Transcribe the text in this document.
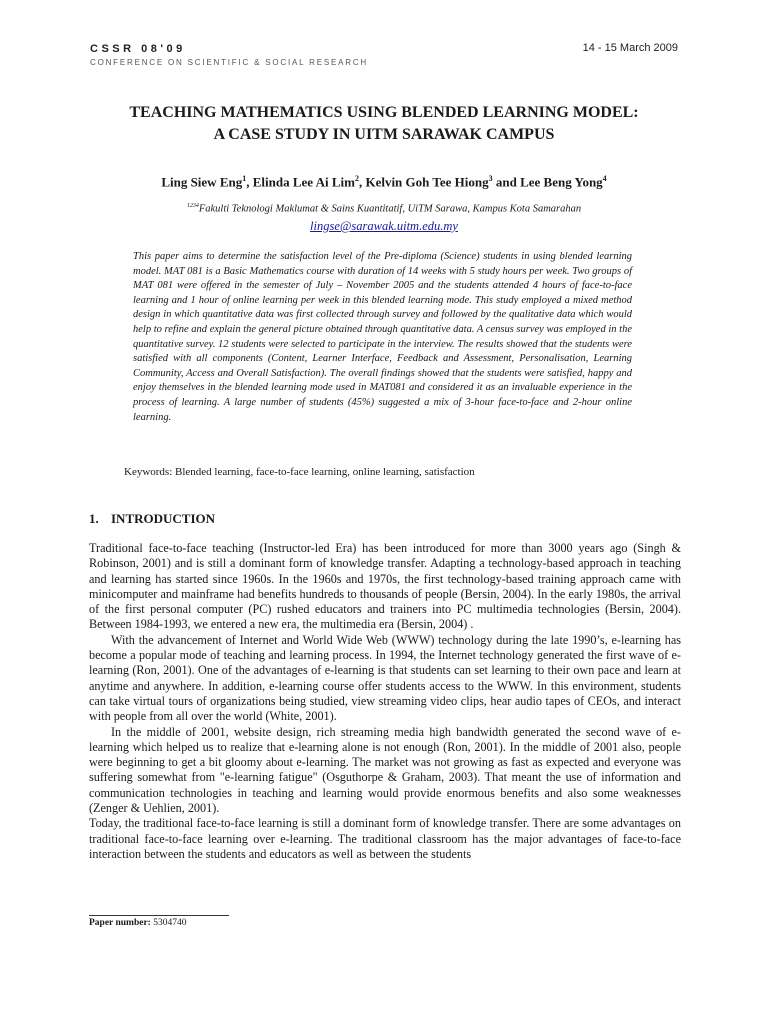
CSSR 08'09
CONFERENCE ON SCIENTIFIC & SOCIAL RESEARCH
14 - 15 March 2009
TEACHING MATHEMATICS USING BLENDED LEARNING MODEL:
A CASE STUDY IN UITM SARAWAK CAMPUS
Ling Siew Eng$^1$, Elinda Lee Ai Lim$^2$, Kelvin Goh Tee Hiong$^3$ and Lee Beng Yong$^4$
$^{1234}$Fakulti Teknologi Maklumat & Sains Kuantitatif, UiTM Sarawa, Kampus Kota Samarahan
lingse@sarawak.uitm.edu.my
This paper aims to determine the satisfaction level of the Pre-diploma (Science) students in using blended learning model. MAT 081 is a Basic Mathematics course with duration of 14 weeks with 5 study hours per week. Two groups of MAT 081 were offered in the semester of July – November 2005 and the students attended 4 hours of face-to-face learning and 1 hour of online learning per week in this blended learning mode. This study employed a mixed method design in which quantitative data was first collected through survey and followed by the qualitative data which would help to refine and explain the general picture obtained through quantitative data. A census survey was employed in the quantitative survey. 12 students were selected to participate in the interview. The results showed that the students were satisfied with all components (Content, Learner Interface, Feedback and Assessment, Personalisation, Learning Community, Access and Overall Satisfaction). The overall findings showed that the students were satisfied, happy and enjoy themselves in the blended learning mode used in MAT081 and considered it as an invaluable experience in the process of learning. A large number of students (45%) suggested a mix of 3-hour face-to-face and 2-hour online learning.
Keywords: Blended learning, face-to-face learning, online learning, satisfaction
1. INTRODUCTION

Traditional face-to-face teaching (Instructor-led Era) has been introduced for more than 3000 years ago (Singh & Robinson, 2001) and is still a dominant form of knowledge transfer. Adapting a technology-based approach in teaching and learning has started since 1960s. In the 1960s and 1970s, the first technology-based training approach came with minicomputer and mainframe had benefits hundreds to thousands of people (Bersin, 2004). In the early 1980s, the arrival of the first personal computer (PC) rushed educators and trainers into PC multimedia technologies (Bersin, 2004). Between 1984-1993, we entered a new era, the multimedia era (Bersin, 2004) .

With the advancement of Internet and World Wide Web (WWW) technology during the late 1990’s, e-learning has become a popular mode of teaching and learning process. In 1994, the Internet technology generated the first wave of e-learning (Ron, 2001). One of the advantages of e-learning is that students can set learning to their own pace and learn at anytime and anywhere. In addition, e-learning course offer students access to the WWW. In this environment, students can take virtual tours of organizations being studied, view streaming video clips, hear audio tapes of CEOs, and interact with people from all over the world (White, 2001).

In the middle of 2001, website design, rich streaming media high bandwidth generated the second wave of e-learning which helped us to realize that e-learning alone is not enough (Ron, 2001). In the middle of 2001 also, people were beginning to get a bit gloomy about e-learning. The market was not growing as fast as expected and everyone was suffering somewhat from "e-learning fatigue" (Osguthorpe & Graham, 2003). That meant the use of information and communication technologies in teaching and learning would provide enormous benefits and also some weaknesses (Zenger & Uehlien, 2001).

Today, the traditional face-to-face learning is still a dominant form of knowledge transfer. There are some advantages on traditional face-to-face learning over e-learning. The traditional classroom has the major advantages of face-to-face interaction between the students and educators as well as between the students

Paper number: 5304740
